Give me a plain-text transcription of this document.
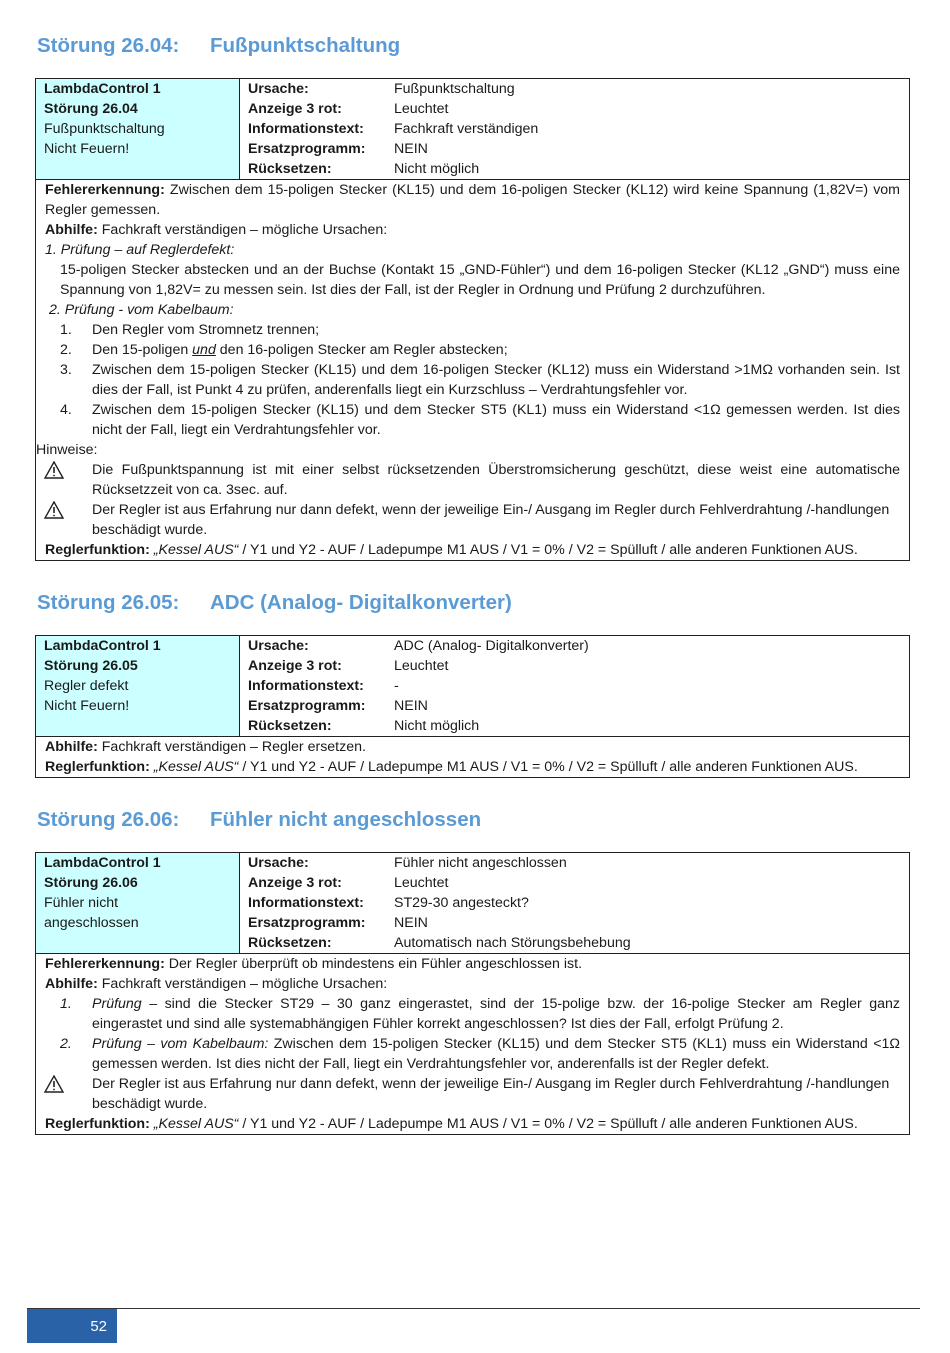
Störung 26.04: Fußpunktschaltung
LambdaControl 1
Störung 26.04
Fußpunktschaltung
Nicht Feuern!
Ursache:	Fußpunktschaltung
Anzeige 3 rot:	Leuchtet
Informationstext:	Fachkraft verständigen
Ersatzprogramm:	NEIN
Rücksetzen:	Nicht möglich
Fehlererkennung: Zwischen dem 15-poligen Stecker (KL15) und dem 16-poligen Stecker (KL12) wird keine Spannung (1,82V=) vom Regler gemessen.
Abhilfe: Fachkraft verständigen – mögliche Ursachen:
1. Prüfung – auf Reglerdefekt:
15-poligen Stecker abstecken und an der Buchse (Kontakt 15 „GND-Fühler“) und dem 16-poligen Stecker (KL12 „GND“) muss eine Spannung von 1,82V= zu messen sein. Ist dies der Fall, ist der Regler in Ordnung und Prüfung 2 durchzuführen.
2. Prüfung - vom Kabelbaum:
1. Den Regler vom Stromnetz trennen;
2. Den 15-poligen und den 16-poligen Stecker am Regler abstecken;
3. Zwischen dem 15-poligen Stecker (KL15) und dem 16-poligen Stecker (KL12) muss ein Widerstand >1MΩ vorhanden sein. Ist dies der Fall, ist Punkt 4 zu prüfen, anderenfalls liegt ein Kurzschluss – Verdrahtungsfehler vor.
4. Zwischen dem 15-poligen Stecker (KL15) und dem Stecker ST5 (KL1) muss ein Widerstand <1Ω gemessen werden. Ist dies nicht der Fall, liegt ein Verdrahtungsfehler vor.
Hinweise:
Die Fußpunktspannung ist mit einer selbst rücksetzenden Überstromsicherung geschützt, diese weist eine automatische Rücksetzzeit von ca. 3sec. auf.
Der Regler ist aus Erfahrung nur dann defekt, wenn der jeweilige Ein-/ Ausgang im Regler durch Fehlverdrahtung /-handlungen beschädigt wurde.
Reglerfunktion: „Kessel AUS“ / Y1 und Y2 - AUF / Ladepumpe M1 AUS / V1 = 0% / V2 = Spülluft / alle anderen Funktionen AUS.
Störung 26.05: ADC (Analog- Digitalkonverter)
LambdaControl 1
Störung 26.05
Regler defekt
Nicht Feuern!
Ursache:	ADC (Analog- Digitalkonverter)
Anzeige 3 rot:	Leuchtet
Informationstext:	-
Ersatzprogramm:	NEIN
Rücksetzen:	Nicht möglich
Abhilfe: Fachkraft verständigen – Regler ersetzen.
Reglerfunktion: „Kessel AUS“ / Y1 und Y2 - AUF / Ladepumpe M1 AUS / V1 = 0% / V2 = Spülluft / alle anderen Funktionen AUS.
Störung 26.06: Fühler nicht angeschlossen
LambdaControl 1
Störung 26.06
Fühler nicht
angeschlossen
Ursache:	Fühler nicht angeschlossen
Anzeige 3 rot:	Leuchtet
Informationstext:	ST29-30 angesteckt?
Ersatzprogramm:	NEIN
Rücksetzen:	Automatisch nach Störungsbehebung
Fehlererkennung: Der Regler überprüft ob mindestens ein Fühler angeschlossen ist.
Abhilfe: Fachkraft verständigen – mögliche Ursachen:
1. Prüfung – sind die Stecker ST29 – 30 ganz eingerastet, sind der 15-polige bzw. der 16-polige Stecker am Regler ganz eingerastet und sind alle systemabhängigen Fühler korrekt angeschlossen? Ist dies der Fall, erfolgt Prüfung 2.
2. Prüfung – vom Kabelbaum: Zwischen dem 15-poligen Stecker (KL15) und dem Stecker ST5 (KL1) muss ein Widerstand <1Ω gemessen werden. Ist dies nicht der Fall, liegt ein Verdrahtungsfehler vor, anderenfalls ist der Regler defekt.
Der Regler ist aus Erfahrung nur dann defekt, wenn der jeweilige Ein-/ Ausgang im Regler durch Fehlverdrahtung /-handlungen beschädigt wurde.
Reglerfunktion: „Kessel AUS“ / Y1 und Y2 - AUF / Ladepumpe M1 AUS / V1 = 0% / V2 = Spülluft / alle anderen Funktionen AUS.
52
